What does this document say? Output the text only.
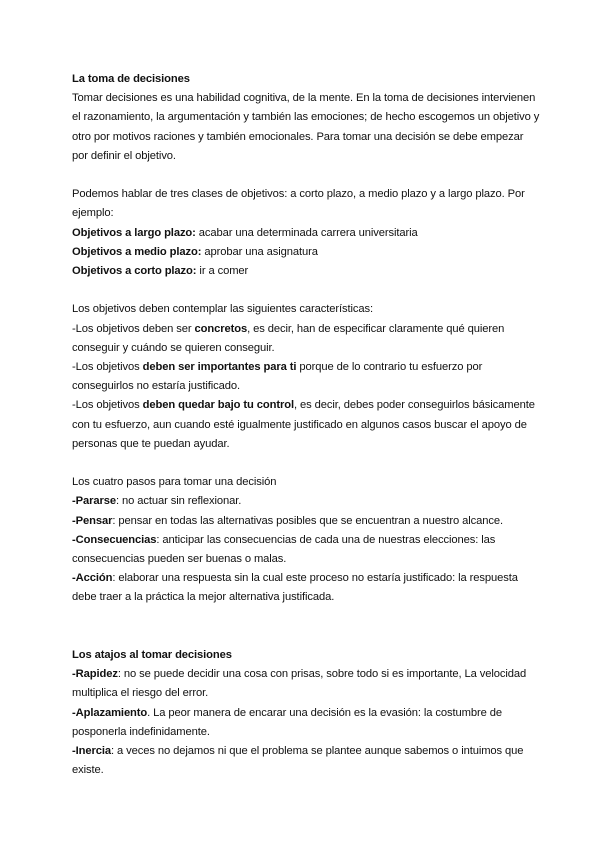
La toma de decisiones

Tomar decisiones es una habilidad cognitiva, de la mente. En la toma de decisiones intervienen el razonamiento, la argumentación y también las emociones; de hecho escogemos un objetivo y otro por motivos raciones y también emocionales. Para tomar una decisión se debe empezar por definir el objetivo.

Podemos hablar de tres clases de objetivos: a corto plazo, a medio plazo y a largo plazo. Por ejemplo:

Objetivos a largo plazo: acabar una determinada carrera universitaria

Objetivos a medio plazo: aprobar una asignatura

Objetivos a corto plazo: ir a comer

Los objetivos deben contemplar las siguientes características:

-Los objetivos deben ser concretos, es decir, han de especificar claramente qué quieren conseguir y cuándo se quieren conseguir.

-Los objetivos deben ser importantes para ti porque de lo contrario tu esfuerzo por conseguirlos no estaría justificado.

-Los objetivos deben quedar bajo tu control, es decir, debes poder conseguirlos básicamente con tu esfuerzo, aun cuando esté igualmente justificado en algunos casos buscar el apoyo de personas que te puedan ayudar.

Los cuatro pasos para tomar una decisión

-Pararse: no actuar sin reflexionar.

-Pensar: pensar en todas las alternativas posibles que se encuentran a nuestro alcance.

-Consecuencias: anticipar las consecuencias de cada una de nuestras elecciones: las consecuencias pueden ser buenas o malas.

-Acción: elaborar una respuesta sin la cual este proceso no estaría justificado: la respuesta debe traer a la práctica la mejor alternativa justificada.

Los atajos al tomar decisiones

-Rapidez: no se puede decidir una cosa con prisas, sobre todo si es importante, La velocidad multiplica el riesgo del error.

-Aplazamiento. La peor manera de encarar una decisión es la evasión: la costumbre de posponerla indefinidamente.

-Inercia: a veces no dejamos ni que el problema se plantee aunque sabemos o intuimos que existe.
